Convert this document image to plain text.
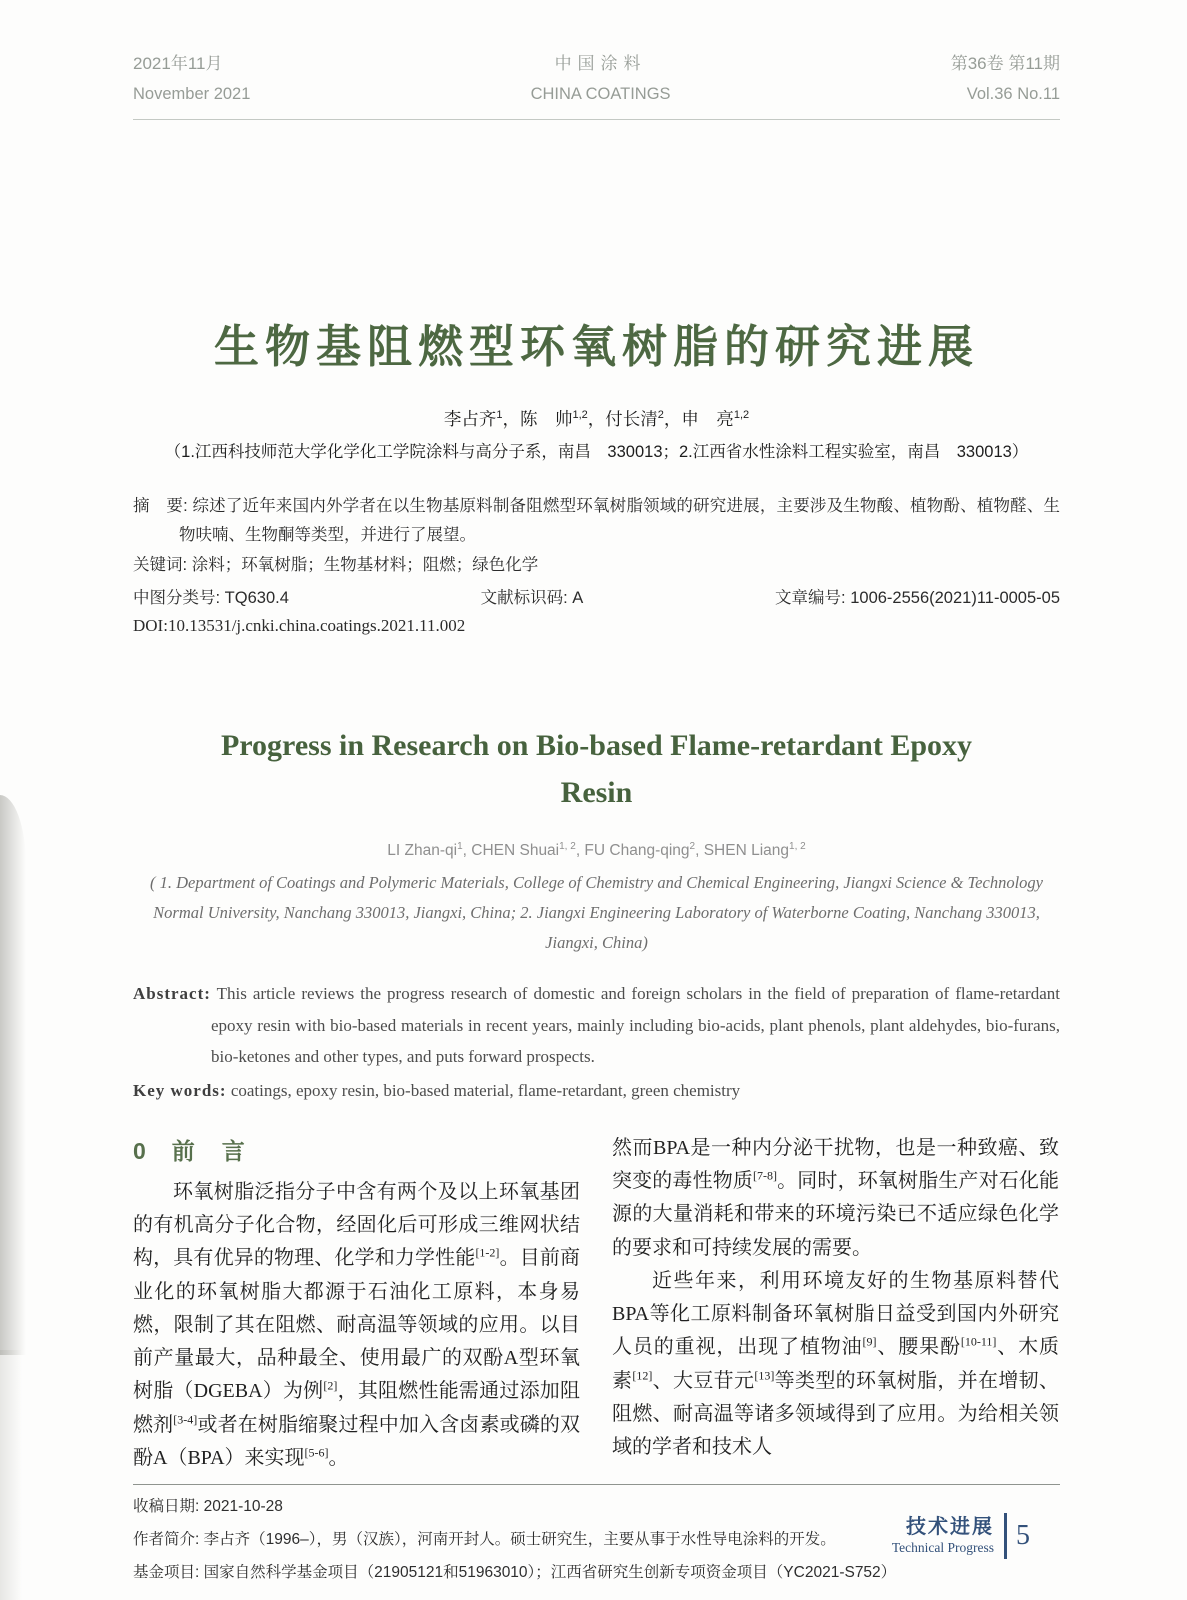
2021年11月
November 2021
中国涂料
CHINA COATINGS
第36卷 第11期
Vol.36 No.11
生物基阻燃型环氧树脂的研究进展
李占齐$^1$，陈　帅$^{1,2}$，付长清$^2$，申　亮$^{1,2}$
（1.江西科技师范大学化学化工学院涂料与高分子系，南昌　330013；2.江西省水性涂料工程实验室，南昌　330013）

摘　要: 综述了近年来国内外学者在以生物基原料制备阻燃型环氧树脂领域的研究进展，主要涉及生物酸、植物酚、植物醛、生物呋喃、生物酮等类型，并进行了展望。

关键词: 涂料；环氧树脂；生物基材料；阻燃；绿色化学

中图分类号: TQ630.4	文献标识码: A	文章编号: 1006-2556(2021)11-0005-05
DOI:10.13531/j.cnki.china.coatings.2021.11.002
Progress in Research on Bio-based Flame-retardant Epoxy Resin
LI Zhan-$qi^1$, CHEN Shuai$^{1, 2}$, FU Chang-qing$^2$, SHEN Liang$^{1, 2}$
( 1. Department of Coatings and Polymeric Materials, College of Chemistry and Chemical Engineering, Jiangxi Science & Technology Normal University, Nanchang 330013, Jiangxi, China; 2. Jiangxi Engineering Laboratory of Waterborne Coating, Nanchang 330013, Jiangxi, China)

Abstract: This article reviews the progress research of domestic and foreign scholars in the field of preparation of flame-retardant epoxy resin with bio-based materials in recent years, mainly including bio-acids, plant phenols, plant aldehydes, bio-furans, bio-ketones and other types, and puts forward prospects.

Key words: coatings, epoxy resin, bio-based material, flame-retardant, green chemistry

0 前　言

环氧树脂泛指分子中含有两个及以上环氧基团的有机高分子化合物，经固化后可形成三维网状结构，具有优异的物理、化学和力学性能[1-2]。目前商业化的环氧树脂大都源于石油化工原料，本身易燃，限制了其在阻燃、耐高温等领域的应用。以目前产量最大，品种最全、使用最广的双酚A型环氧树脂（DGEBA）为例[2]，其阻燃性能需通过添加阻燃剂[3-4]或者在树脂缩聚过程中加入含卤素或磷的双酚A（BPA）来实现[5-6]。

然而BPA是一种内分泌干扰物，也是一种致癌、致突变的毒性物质[7-8]。同时，环氧树脂生产对石化能源的大量消耗和带来的环境污染已不适应绿色化学的要求和可持续发展的需要。

近些年来，利用环境友好的生物基原料替代BPA等化工原料制备环氧树脂日益受到国内外研究人员的重视，出现了植物油[9]、腰果酚[10-11]、木质素[12]、大豆苷元[13]等类型的环氧树脂，并在增韧、阻燃、耐高温等诸多领域得到了应用。为给相关领域的学者和技术人

收稿日期: 2021-10-28

作者简介: 李占齐（1996–），男（汉族），河南开封人。硕士研究生，主要从事于水性导电涂料的开发。

基金项目: 国家自然科学基金项目（21905121和51963010）；江西省研究生创新专项资金项目（YC2021-S752）

技术进展
Technical Progress 5
